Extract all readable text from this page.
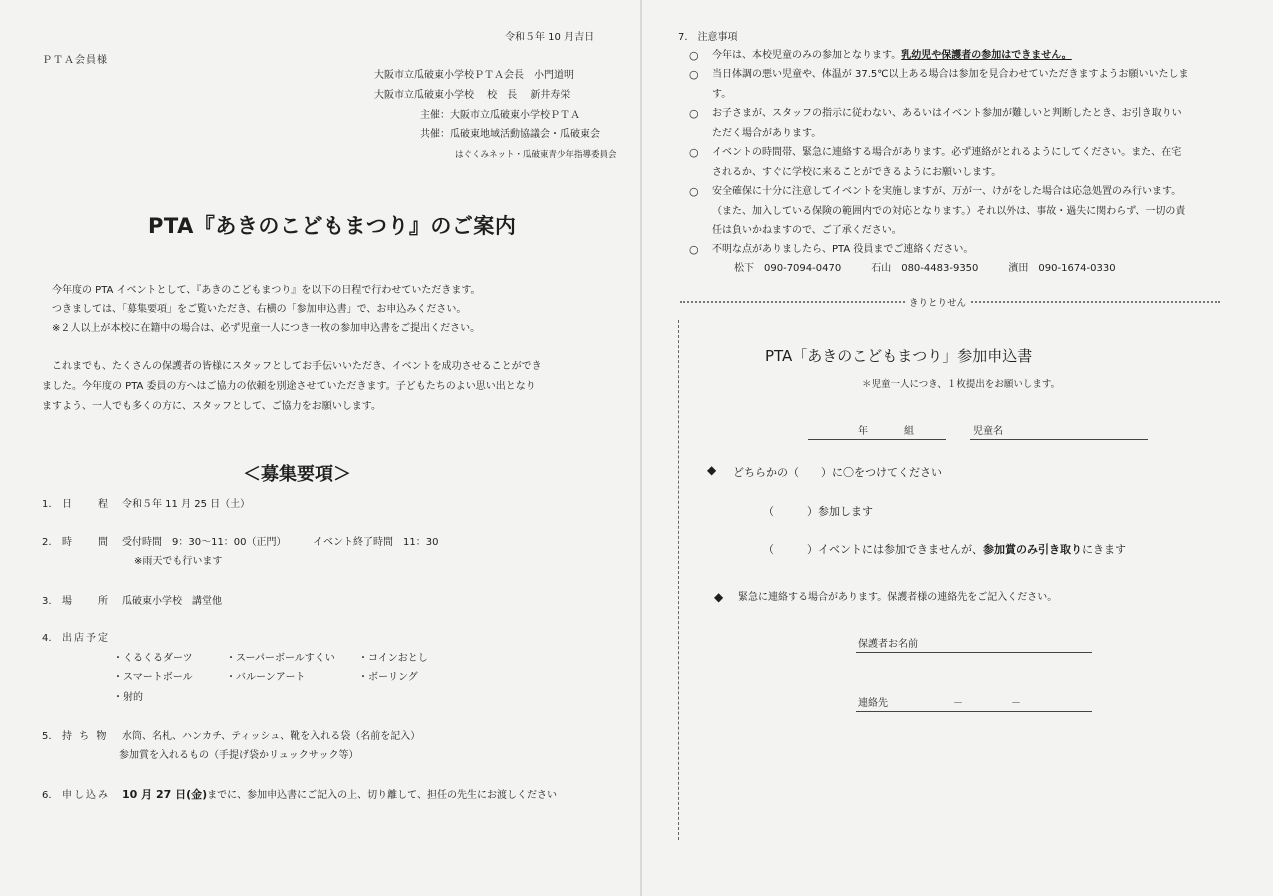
令和５年 10 月吉日
ＰＴＡ会員様
大阪市立瓜破東小学校ＰＴＡ会長　小門道明
大阪市立瓜破東小学校　 校　長　 新井寿栄
主催：大阪市立瓜破東小学校ＰＴＡ
共催：瓜破東地域活動協議会・瓜破東会
はぐくみネット・瓜破東青少年指導委員会
PTA『あきのこどもまつり』のご案内
今年度の PTA イベントとして、『あきのこどもまつり』を以下の日程で行わせていただきます。
つきましては、「募集要項」をご覧いただき、右横の「参加申込書」で、お申込みください。
※２人以上が本校に在籍中の場合は、必ず児童一人につき一枚の参加申込書をご提出ください。
これまでも、たくさんの保護者の皆様にスタッフとしてお手伝いいただき、イベントを成功させることができ
ました。今年度の PTA 委員の方へはご協力の依頼を別途させていただきます。子どもたちのよい思い出となり
ますよう、一人でも多くの方に、スタッフとして、ご協力をお願いします。
＜募集要項＞
1. 日　　程 令和５年 11 月 25 日（土）
2. 時　　間 受付時間　9：30～11：00（正門）	イベント終了時間　11：30
※雨天でも行います
3. 場　　所 瓜破東小学校　講堂他
4. 出店予定
・くるくるダーツ	・スーパーボールすくい ・コインおとし
・スマートボール	・バルーンアート	・ボーリング
・射的
5. 持 ち 物 水筒、名札、ハンカチ、ティッシュ、靴を入れる袋（名前を記入）
参加賞を入れるもの（手提げ袋かリュックサック等）
6. 申し込み 10 月 27 日(金)までに、参加申込書にご記入の上、切り離して、担任の先生にお渡しください
7.　注意事項
○ 今年は、本校児童のみの参加となります。乳幼児や保護者の参加はできません。
○ 当日体調の悪い児童や、体温が 37.5℃以上ある場合は参加を見合わせていただきますようお願いいたしま
す。
○ お子さまが、スタッフの指示に従わない、あるいはイベント参加が難しいと判断したとき、お引き取りい
ただく場合があります。
○ イベントの時間帯、緊急に連絡する場合があります。必ず連絡がとれるようにしてください。また、在宅
されるか、すぐに学校に来ることができるようにお願いします。
○ 安全確保に十分に注意してイベントを実施しますが、万が一、けがをした場合は応急処置のみ行います。
（また、加入している保険の範囲内での対応となります。）それ以外は、事故・過失に関わらず、一切の責
任は負いかねますので、ご了承ください。
○ 不明な点がありましたら、PTA 役員までご連絡ください。
松下　090-7094-0470　　　石山　080-4483-9350　　　濱田　090-1674-0330
きりとりせん
PTA「あきのこどもまつり」参加申込書
＊児童一人につき、１枚提出をお願いします。
年	組	児童名
◆ どちらかの（　　）に〇をつけてください
（　　　）参加します
（　　　）イベントには参加できませんが、参加賞のみ引き取りにきます
◆ 緊急に連絡する場合があります。保護者様の連絡先をご記入ください。
保護者お名前
連絡先	－	－
